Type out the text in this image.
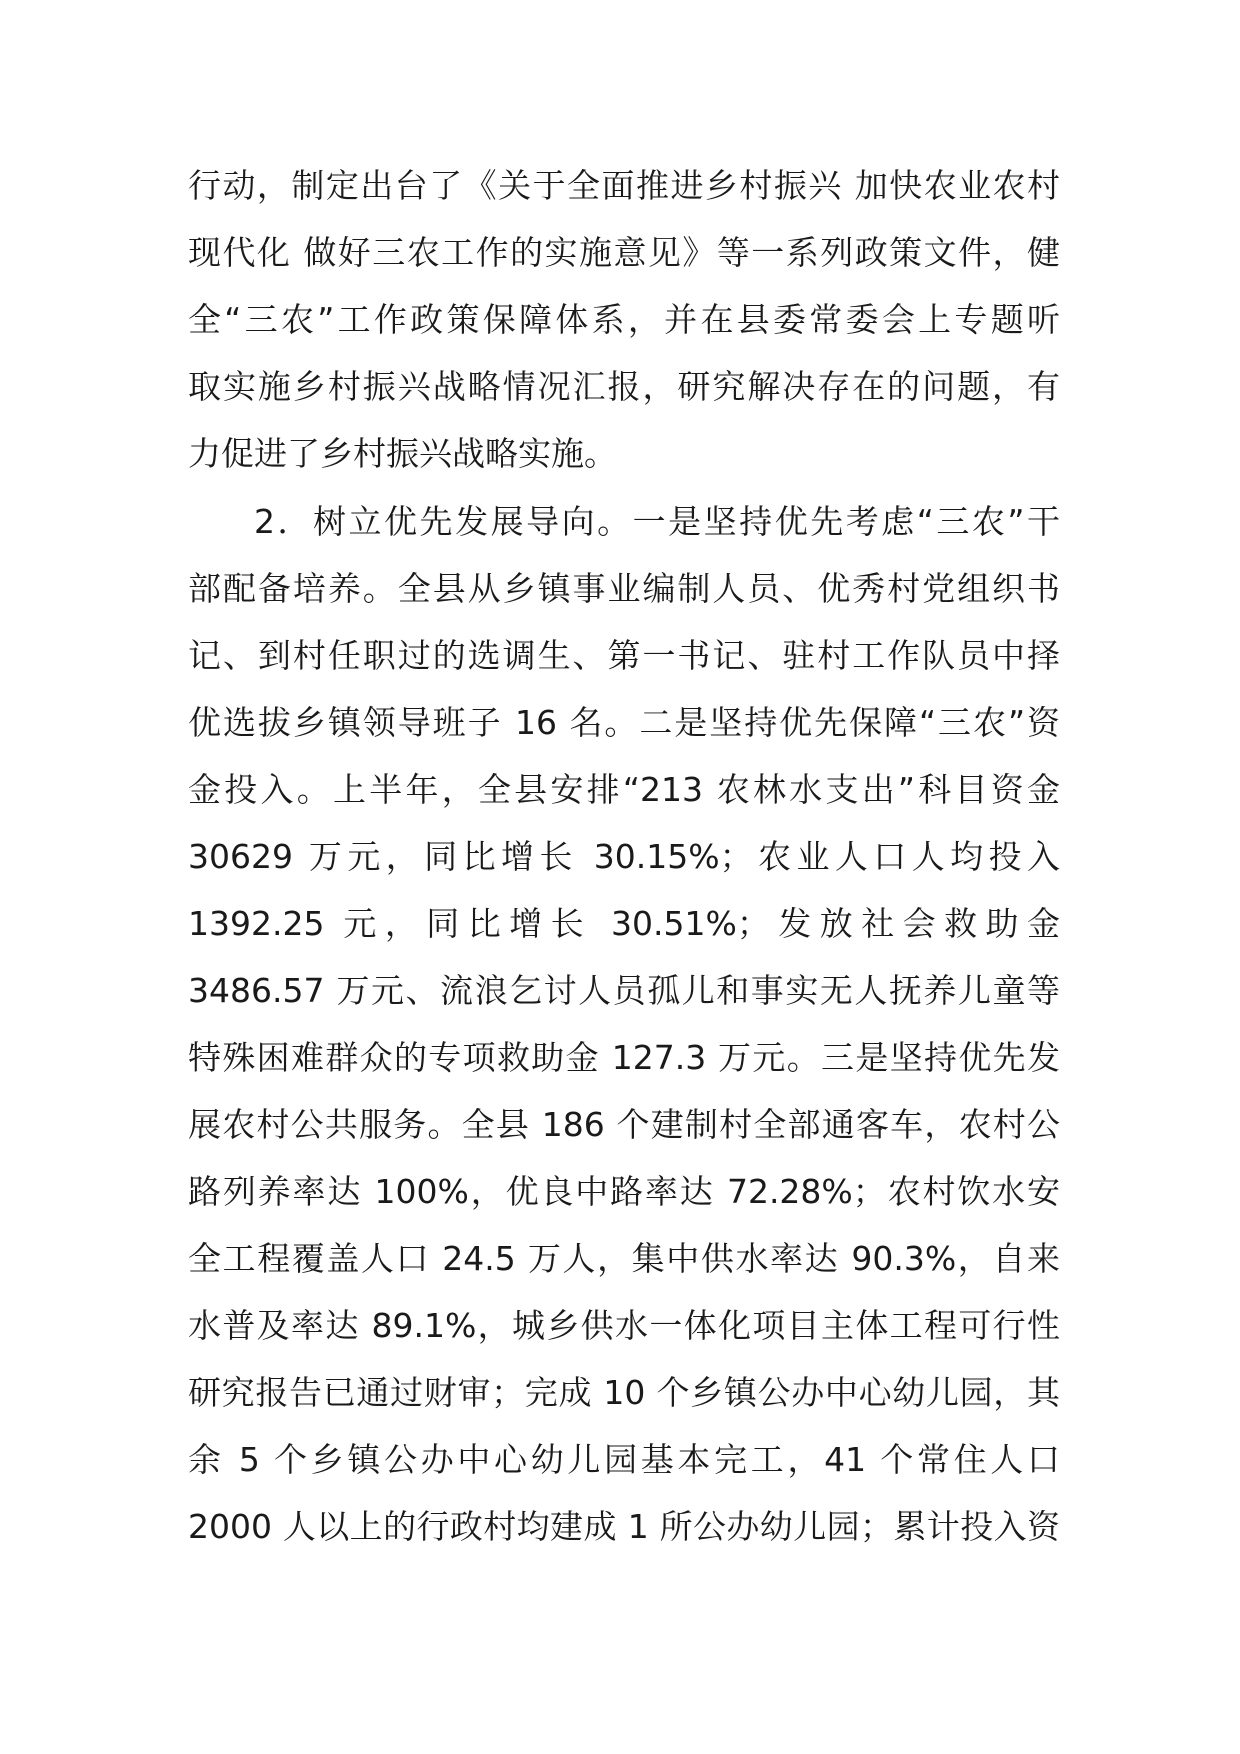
行动，制定出台了《关于全面推进乡村振兴 加快农业农村
现代化 做好三农工作的实施意见》等一系列政策文件，健
全“三农”工作政策保障体系，并在县委常委会上专题听
取实施乡村振兴战略情况汇报，研究解决存在的问题，有
力促进了乡村振兴战略实施。
2．树立优先发展导向。一是坚持优先考虑“三农”干
部配备培养。全县从乡镇事业编制人员、优秀村党组织书
记、到村任职过的选调生、第一书记、驻村工作队员中择
优选拔乡镇领导班子 16 名。二是坚持优先保障“三农”资
金投入。上半年，全县安排“213 农林水支出”科目资金
30629 万元，同比增长 30.15%；农业人口人均投入
1392.25 元，同比增长 30.51%；发放社会救助金
3486.57 万元、流浪乞讨人员孤儿和事实无人抚养儿童等
特殊困难群众的专项救助金 127.3 万元。三是坚持优先发
展农村公共服务。全县 186 个建制村全部通客车，农村公
路列养率达 100%，优良中路率达 72.28%；农村饮水安
全工程覆盖人口 24.5 万人，集中供水率达 90.3%，自来
水普及率达 89.1%，城乡供水一体化项目主体工程可行性
研究报告已通过财审；完成 10 个乡镇公办中心幼儿园，其
余 5 个乡镇公办中心幼儿园基本完工，41 个常住人口
2000 人以上的行政村均建成 1 所公办幼儿园；累计投入资
